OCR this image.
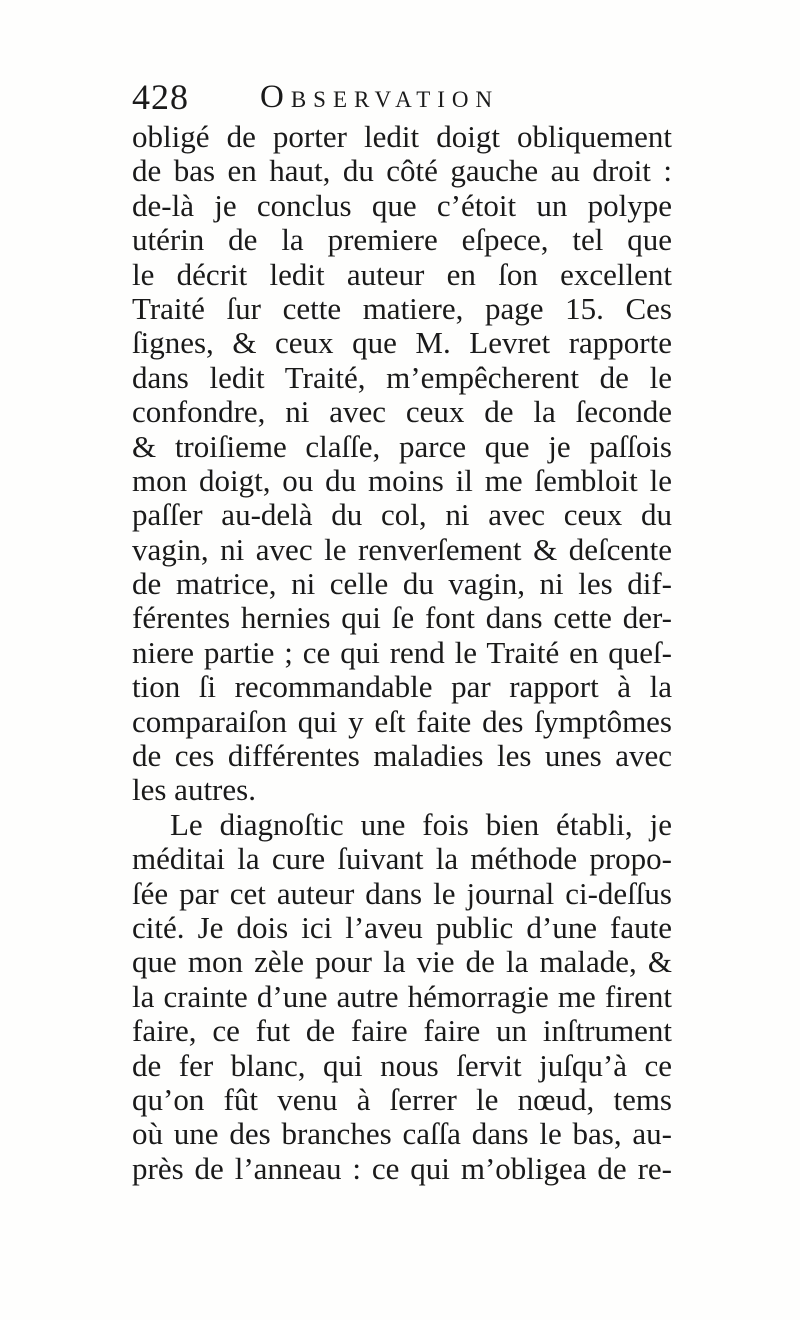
428 Observation
obligé de porter ledit doigt obliquement
de bas en haut, du côté gauche au droit :
de-là je conclus que c’étoit un polype
utérin de la premiere eſpece, tel que
le décrit ledit auteur en ſon excellent
Traité ſur cette matiere, page 15. Ces
ſignes, & ceux que M. Levret rapporte
dans ledit Traité, m’empêcherent de le
confondre, ni avec ceux de la ſeconde
& troiſieme claſſe, parce que je paſſois
mon doigt, ou du moins il me ſembloit le
paſſer au-delà du col, ni avec ceux du
vagin, ni avec le renverſement & deſcente
de matrice, ni celle du vagin, ni les dif-
férentes hernies qui ſe font dans cette der-
niere partie ; ce qui rend le Traité en queſ-
tion ſi recommandable par rapport à la
comparaiſon qui y eſt faite des ſymptômes
de ces différentes maladies les unes avec
les autres.
Le diagnoſtic une fois bien établi, je
méditai la cure ſuivant la méthode propo-
ſée par cet auteur dans le journal ci-deſſus
cité. Je dois ici l’aveu public d’une faute
que mon zèle pour la vie de la malade, &
la crainte d’une autre hémorragie me firent
faire, ce fut de faire faire un inſtrument
de fer blanc, qui nous ſervit juſqu’à ce
qu’on fût venu à ſerrer le nœud, tems
où une des branches caſſa dans le bas, au-
près de l’anneau : ce qui m’obligea de re-
